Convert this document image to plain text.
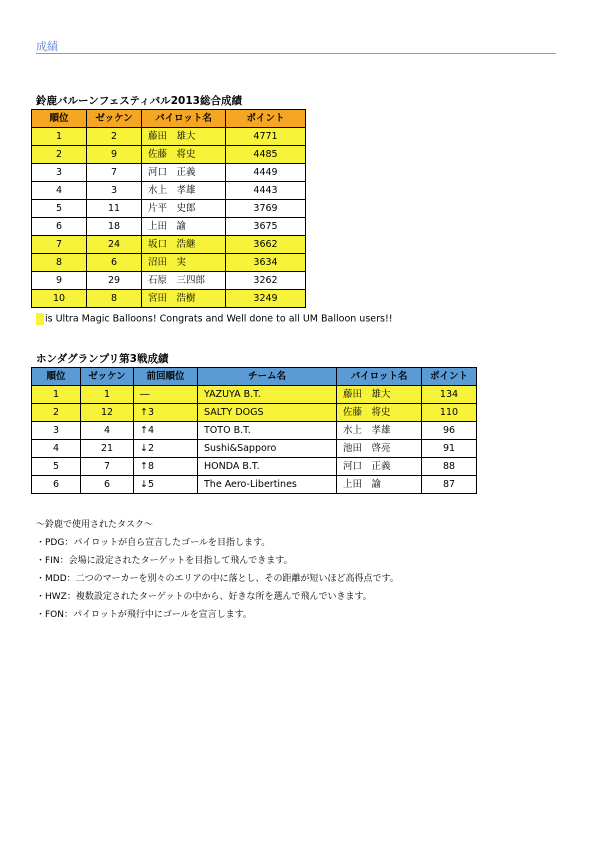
成績
鈴鹿バルーンフェスティバル2013総合成績
順位	ゼッケン	パイロット名	ポイント
1	2	藤田　雄大	4771
2	9	佐藤　将史	4485
3	7	河口　正義	4449
4	3	水上　孝雄	4443
5	11	片平　史郎	3769
6	18	上田　諭	3675
7	24	坂口　浩継	3662
8	6	沼田　実	3634
9	29	石原　三四郎	3262
10	8	宮田　浩樹	3249
is Ultra Magic Balloons! Congrats and Well done to all UM Balloon users!!
ホンダグランプリ第3戦成績
順位	ゼッケン	前回順位	チーム名	パイロット名	ポイント
1	1	―	YAZUYA B.T.	藤田　雄大	134
2	12	↑3	SALTY DOGS	佐藤　将史	110
3	4	↑4	TOTO B.T.	水上　孝雄	96
4	21	↓2	Sushi&Sapporo	池田　啓亮	91
5	7	↑8	HONDA B.T.	河口　正義	88
6	6	↓5	The Aero-Libertines	上田　諭	87
～鈴鹿で使用されたタスク～
・PDG：パイロットが自ら宣言したゴールを目指します。
・FIN：会場に設定されたターゲットを目指して飛んできます。
・MDD：二つのマーカーを別々のエリアの中に落とし、その距離が短いほど高得点です。
・HWZ：複数設定されたターゲットの中から、好きな所を選んで飛んでいきます。
・FON：パイロットが飛行中にゴールを宣言します。
